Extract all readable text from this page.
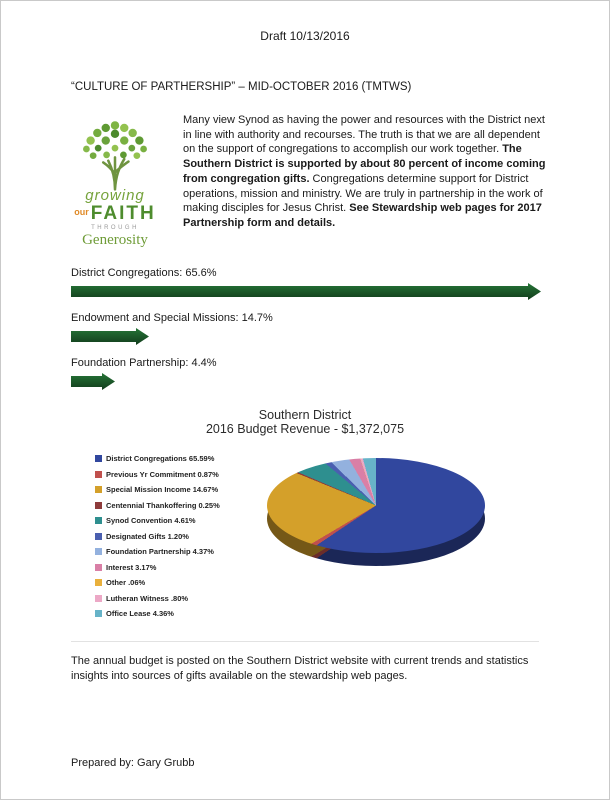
Draft 10/13/2016
“CULTURE OF PARTHERSHIP” – MID-OCTOBER 2016 (TMTWS)
growing
$^{our}$ FAITH
THROUGH
Generosity

Many view Synod as having the power and resources with the District next in line with authority and recourses. The truth is that we are all dependent on the support of congregations to accomplish our work together. The Southern District is supported by about 80 percent of income coming from congregation gifts. Congregations determine support for District operations, mission and ministry. We are truly in partnership in the work of making disciples for Jesus Christ. See Stewardship web pages for 2017 Partnership form and details.

District Congregations: 65.6%
Endowment and Special Missions: 14.7%
Foundation Partnership: 4.4%
Southern District
2016 Budget Revenue - $1,372,075
District Congregations 65.59%
Previous Yr Commitment 0.87%
Special Mission Income 14.67%
Centennial Thankoffering 0.25%
Synod Convention 4.61%
Designated Gifts 1.20%
Foundation Partnership 4.37%
Interest 3.17%
Other .06%
Lutheran Witness .80%
Office Lease 4.36%

The annual budget is posted on the Southern District website with current trends and statistics insights into sources of gifts available on the stewardship web pages.

Prepared by: Gary Grubb
